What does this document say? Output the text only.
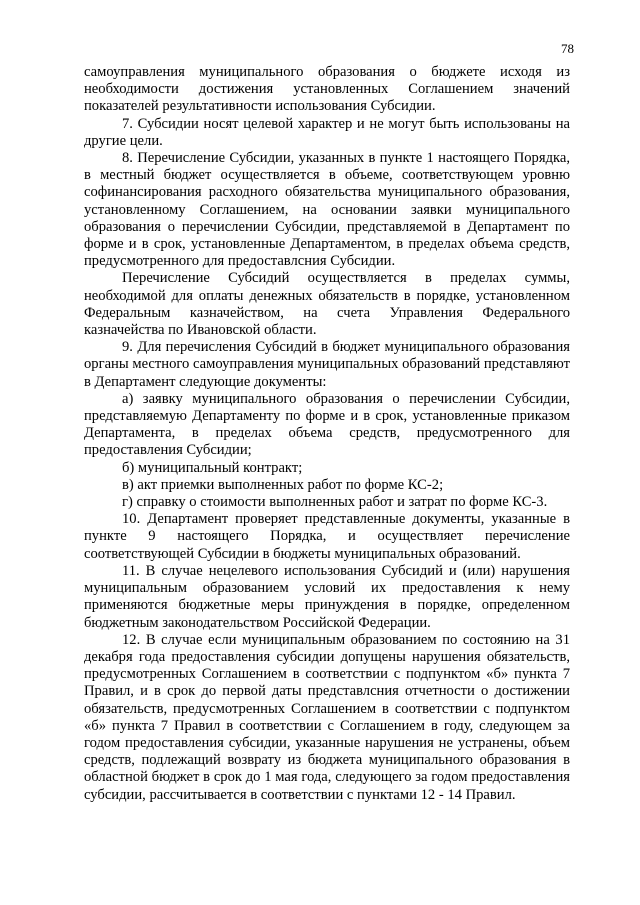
78

самоуправления муниципального образования о бюджете исходя из необходимости достижения установленных Соглашением значений показателей результативности использования Субсидии.

7. Субсидии носят целевой характер и не могут быть использованы на другие цели.

8. Перечисление Субсидии, указанных в пункте 1 настоящего Порядка, в местный бюджет осуществляется в объеме, соответствующем уровню софинансирования расходного обязательства муниципального образования, установленному Соглашением, на основании заявки муниципального образования о перечислении Субсидии, представляемой в Департамент по форме и в срок, установленные Департаментом, в пределах объема средств, предусмотренного для предоставлсния Субсидии.

Перечисление Субсидий осуществляется в пределах суммы, необходимой для оплаты денежных обязательств в порядке, установленном Федеральным казначейством, на счета Управления Федерального казначейства по Ивановской области.

9. Для перечисления Субсидий в бюджет муниципального образования органы местного самоуправления муниципальных образований представляют в Департамент следующие документы:

а) заявку муниципального образования о перечислении Субсидии, представляемую Департаменту по форме и в срок, установленные приказом Департамента, в пределах объема средств, предусмотренного для предоставления Субсидии;

б) муниципальный контракт;

в) акт приемки выполненных работ по форме КС-2;

г) справку о стоимости выполненных работ и затрат по форме КС-3.

10. Департамент проверяет представленные документы, указанные в пункте 9 настоящего Порядка, и осуществляет перечисление соответствующей Субсидии в бюджеты муниципальных образований.

11. В случае нецелевого использования Субсидий и (или) нарушения муниципальным образованием условий их предоставления к нему применяются бюджетные меры принуждения в порядке, определенном бюджетным законодательством Российской Федерации.

12. В случае если муниципальным образованием по состоянию на 31 декабря года предоставления субсидии допущены нарушения обязательств, предусмотренных Соглашением в соответствии с подпунктом «б» пункта 7 Правил, и в срок до первой даты представлсния отчетности о достижении обязательств, предусмотренных Соглашением в соответствии с подпунктом «б» пункта 7 Правил в соответствии с Соглашением в году, следующем за годом предоставления субсидии, указанные нарушения не устранены, объем средств, подлежащий возврату из бюджета муниципального образования в областной бюджет в срок до 1 мая года, следующего за годом предоставления субсидии, рассчитывается в соответствии с пунктами 12 - 14 Правил.
